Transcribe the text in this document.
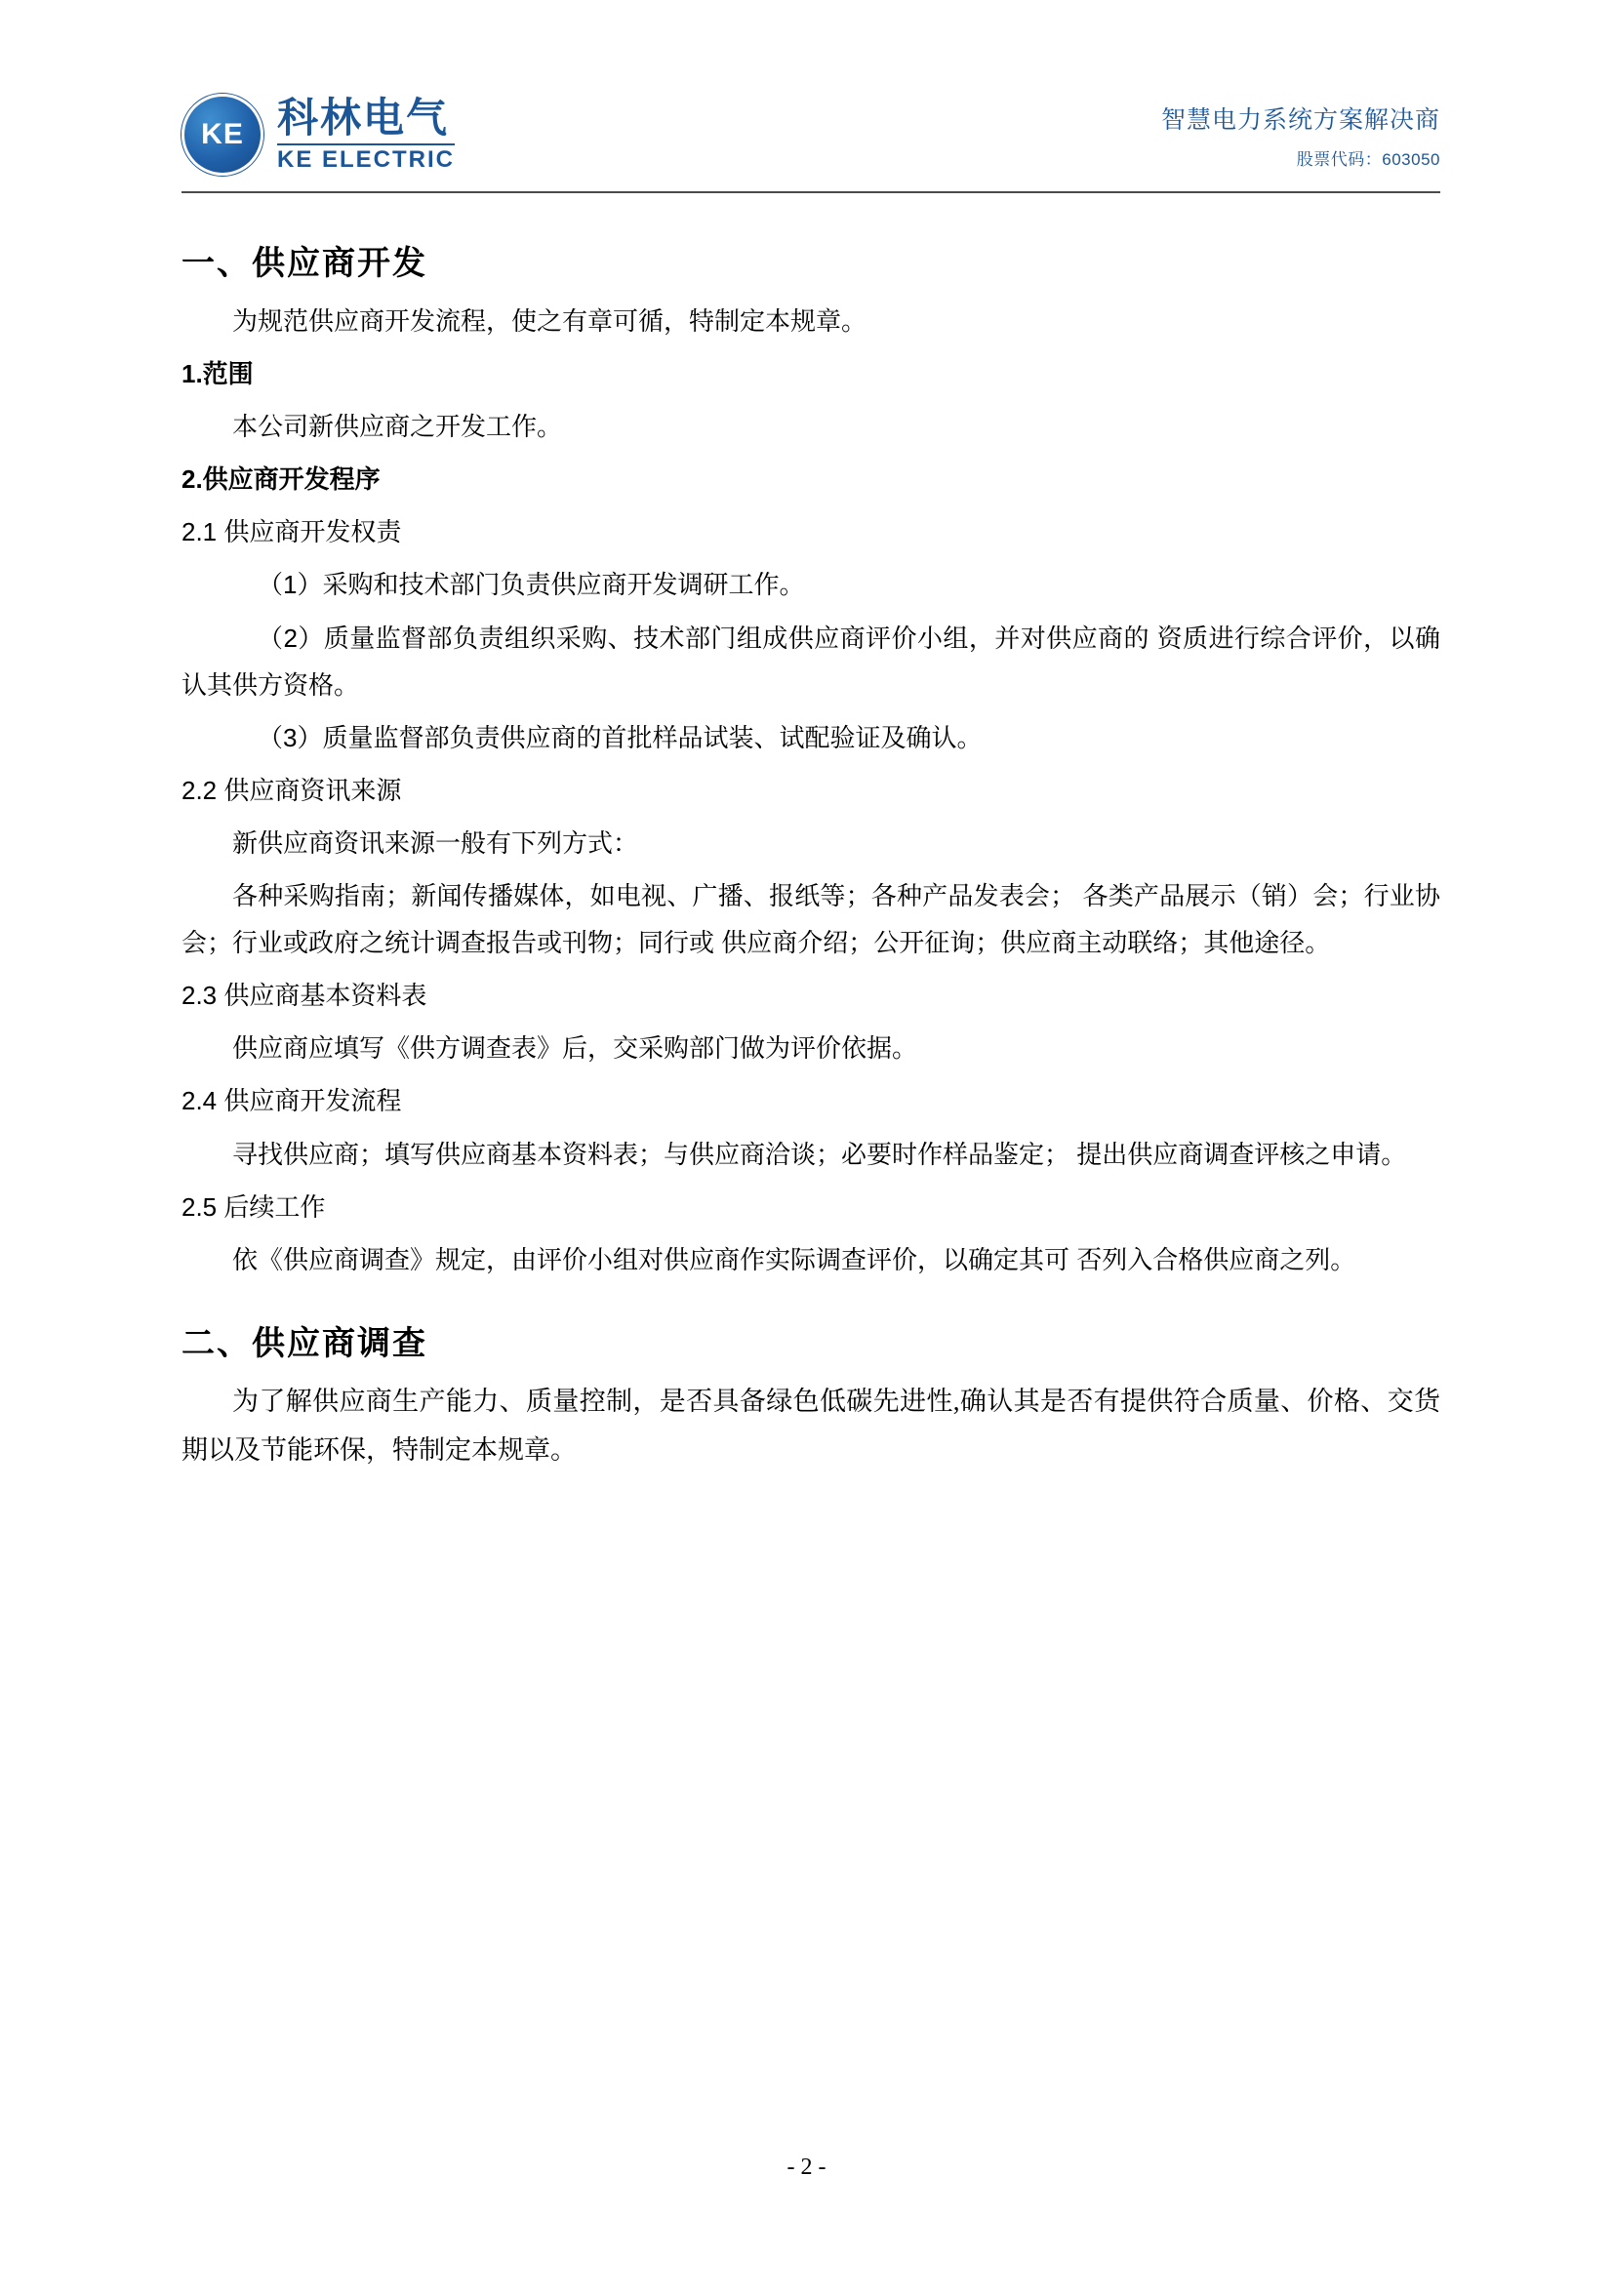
KE 科林电气
KE ELECTRIC
智慧电力系统方案解决商
股票代码：603050
一、供应商开发

为规范供应商开发流程，使之有章可循，特制定本规章。

1.范围

本公司新供应商之开发工作。

2.供应商开发程序

2.1 供应商开发权责

（1）采购和技术部门负责供应商开发调研工作。

（2）质量监督部负责组织采购、技术部门组成供应商评价小组，并对供应商的 资质进行综合评价，以确认其供方资格。

（3）质量监督部负责供应商的首批样品试装、试配验证及确认。

2.2 供应商资讯来源

新供应商资讯来源一般有下列方式：

各种采购指南；新闻传播媒体，如电视、广播、报纸等；各种产品发表会； 各类产品展示（销）会；行业协会；行业或政府之统计调查报告或刊物；同行或 供应商介绍；公开征询；供应商主动联络；其他途径。

2.3 供应商基本资料表

供应商应填写《供方调查表》后，交采购部门做为评价依据。

2.4 供应商开发流程

寻找供应商；填写供应商基本资料表；与供应商洽谈；必要时作样品鉴定； 提出供应商调查评核之申请。

2.5 后续工作

依《供应商调查》规定，由评价小组对供应商作实际调查评价，以确定其可 否列入合格供应商之列。

二、供应商调查

为了解供应商生产能力、质量控制，是否具备绿色低碳先进性,确认其是否有提供符合质量、价格、交货期以及节能环保，特制定本规章。

- 2 -
